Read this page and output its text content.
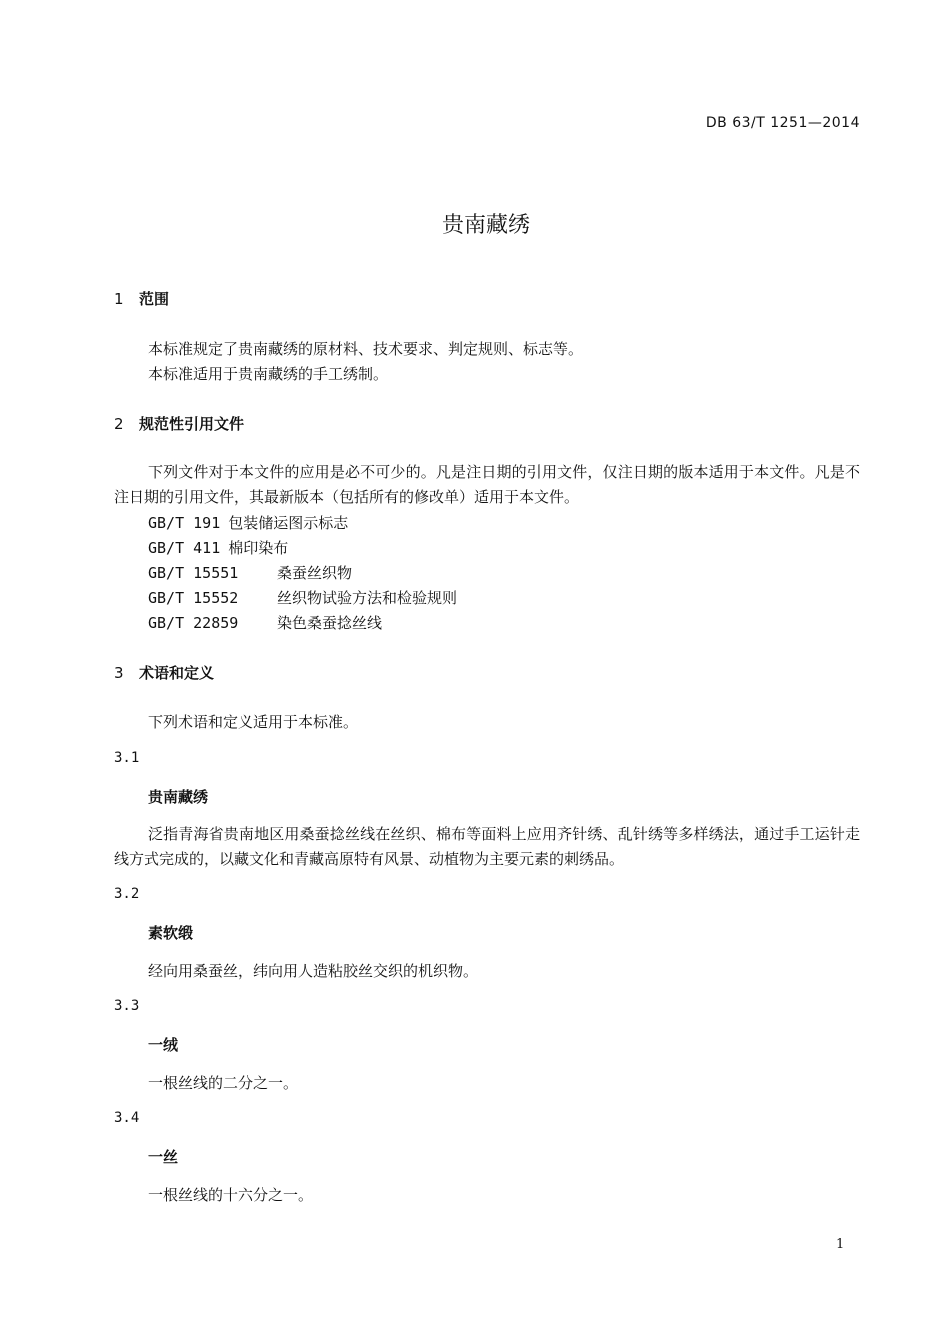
DB 63/T 1251—2014
贵南藏绣
1 范围
本标准规定了贵南藏绣的原材料、技术要求、判定规则、标志等。
本标准适用于贵南藏绣的手工绣制。
2 规范性引用文件
下列文件对于本文件的应用是必不可少的。凡是注日期的引用文件，仅注日期的版本适用于本文件。凡是不注日期的引用文件，其最新版本（包括所有的修改单）适用于本文件。
GB/T 191 包装储运图示标志
GB/T 411 棉印染布
GB/T 15551	桑蚕丝织物
GB/T 15552	丝织物试验方法和检验规则
GB/T 22859	染色桑蚕捻丝线
3 术语和定义
下列术语和定义适用于本标准。
3.1
贵南藏绣
泛指青海省贵南地区用桑蚕捻丝线在丝织、棉布等面料上应用齐针绣、乱针绣等多样绣法，通过手工运针走线方式完成的，以藏文化和青藏高原特有风景、动植物为主要元素的刺绣品。
3.2
素软缎
经向用桑蚕丝，纬向用人造粘胶丝交织的机织物。
3.3
一绒
一根丝线的二分之一。
3.4
一丝
一根丝线的十六分之一。
1
